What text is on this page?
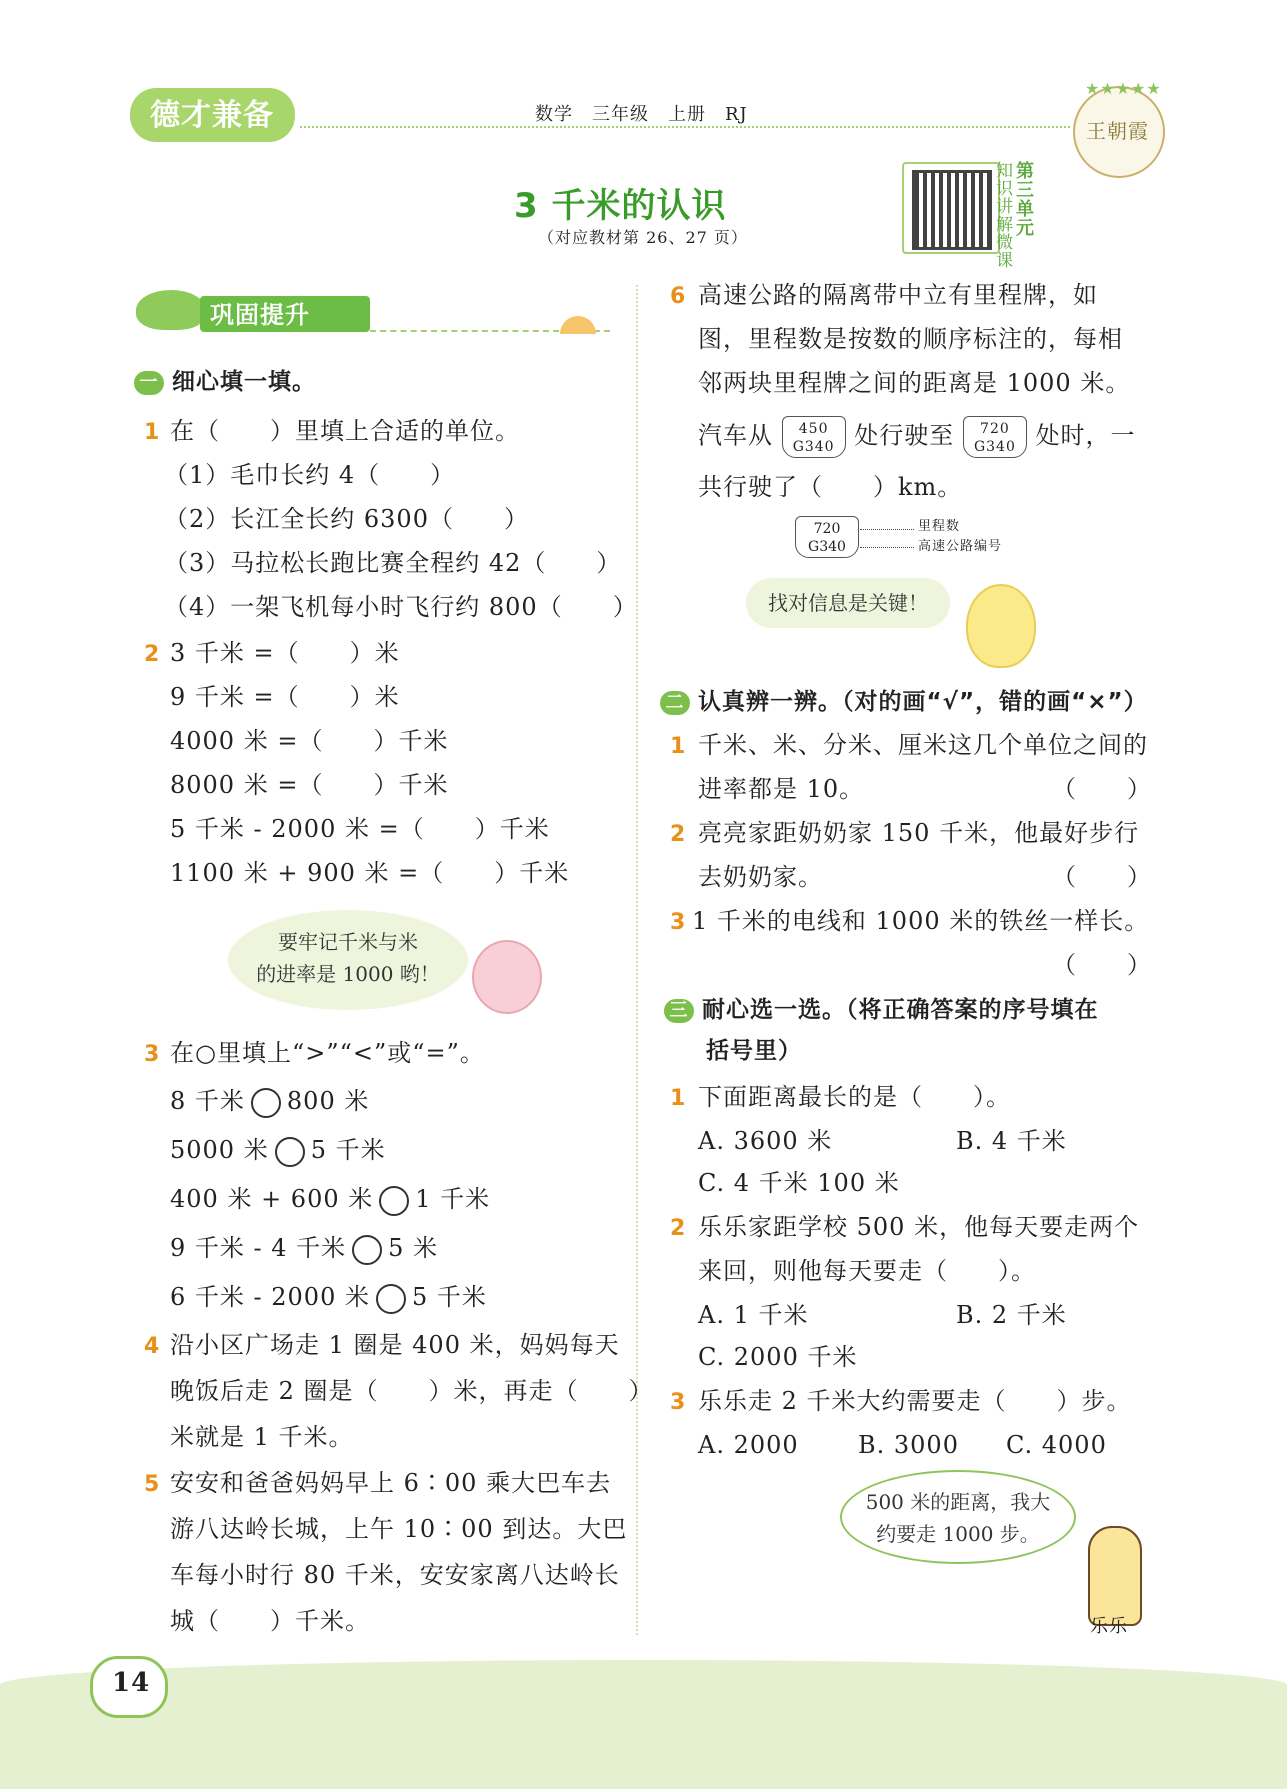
德才兼备	数学　三年级　上册　RJ
王朝霞
★★★★★
3 千米的认识
（对应教材第 26、27 页）
知识讲解微课
第三单元
巩固提升
一 细心填一填。
1 在（　　）里填上合适的单位。
（1）毛巾长约 4（　　）
（2）长江全长约 6300（　　）
（3）马拉松长跑比赛全程约 42（　　）
（4）一架飞机每小时飞行约 800（　　）
2 3 千米 =（　　）米
9 千米 =（　　）米
4000 米 =（　　）千米
8000 米 =（　　）千米
5 千米 - 2000 米 =（　　）千米
1100 米 + 900 米 =（　　）千米
要牢记千米与米
的进率是 1000 哟！
3 在○里填上“>”“<”或“=”。
8 千米 800 米
5000 米 5 千米
400 米 + 600 米 1 千米
9 千米 - 4 千米 5 米
6 千米 - 2000 米 5 千米
4 沿小区广场走 1 圈是 400 米，妈妈每天
晚饭后走 2 圈是（　　）米，再走（　　）
米就是 1 千米。
5 安安和爸爸妈妈早上 6∶00 乘大巴车去
游八达岭长城，上午 10∶00 到达。大巴
车每小时行 80 千米，安安家离八达岭长
城（　　）千米。
6 高速公路的隔离带中立有里程牌，如
图，里程数是按数的顺序标注的，每相
邻两块里程牌之间的距离是 1000 米。
汽车从 450
G340 处行驶至 720
G340 处时，一
共行驶了（　　）km。
720
G340
里程数
高速公路编号
找对信息是关键！
二 认真辨一辨。（对的画“√”，错的画“×”）
1 千米、米、分米、厘米这几个单位之间的
进率都是 10。	（　　）
2 亮亮家距奶奶家 150 千米，他最好步行
去奶奶家。	（　　）
3 1 千米的电线和 1000 米的铁丝一样长。
（　　）
三 耐心选一选。（将正确答案的序号填在
括号里）
1 下面距离最长的是（　　）。
A. 3600 米	B. 4 千米
C. 4 千米 100 米
2 乐乐家距学校 500 米，他每天要走两个
来回，则他每天要走（　　）。
A. 1 千米	B. 2 千米
C. 2000 千米
3 乐乐走 2 千米大约需要走（　　）步。
A. 2000 B. 3000 C. 4000
500 米的距离，我大
约要走 1000 步。
乐乐
14
